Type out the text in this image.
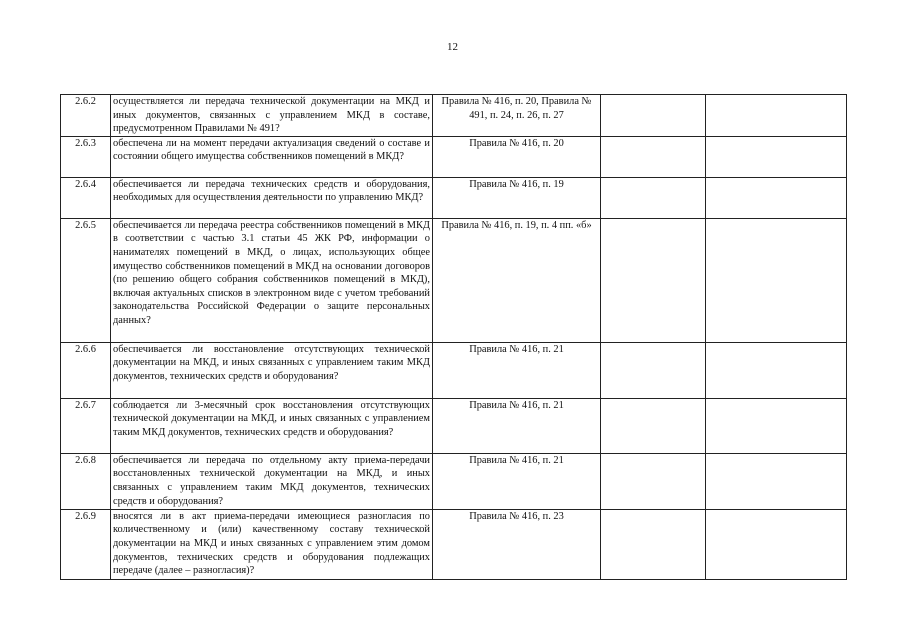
12
2.6.2	осуществляется ли передача технической документации на МКД и иных документов, связанных с управлением МКД в составе, предусмотренном Правилами № 491?	Правила № 416, п. 20, Правила № 491, п. 24, п. 26, п. 27		
2.6.3	обеспечена ли на момент передачи актуализация сведений о составе и состоянии общего имущества собственников помещений в МКД?	Правила № 416, п. 20		
2.6.4	обеспечивается ли передача технических средств и оборудования, необходимых для осуществления деятельности по управлению МКД?	Правила № 416, п. 19		
2.6.5	обеспечивается ли передача реестра собственников помещений в МКД в соответствии с частью 3.1 статьи 45 ЖК РФ, информации о нанимателях помещений в МКД, о лицах, использующих общее имущество собственников помещений в МКД на основании договоров (по решению общего собрания собственников помещений в МКД), включая актуальных списков в электронном виде с учетом требований законодательства Российской Федерации о защите персональных данных?	Правила № 416, п. 19, п. 4 пп. «б»		
2.6.6	обеспечивается ли восстановление отсутствующих технической документации на МКД, и иных связанных с управлением таким МКД документов, технических средств и оборудования?	Правила № 416, п. 21		
2.6.7	соблюдается ли 3-месячный срок восстановления отсутствующих технической документации на МКД, и иных связанных с управлением таким МКД документов, технических средств и оборудования?	Правила № 416, п. 21		
2.6.8	обеспечивается ли передача по отдельному акту приема-передачи восстановленных технической документации на МКД, и иных связанных с управлением таким МКД документов, технических средств и оборудования?	Правила № 416, п. 21		
2.6.9	вносятся ли в акт приема-передачи имеющиеся разногласия по количественному и (или) качественному составу технической документации на МКД и иных связанных с управлением этим домом документов, технических средств и оборудования подлежащих передаче (далее – разногласия)?	Правила № 416, п. 23		
